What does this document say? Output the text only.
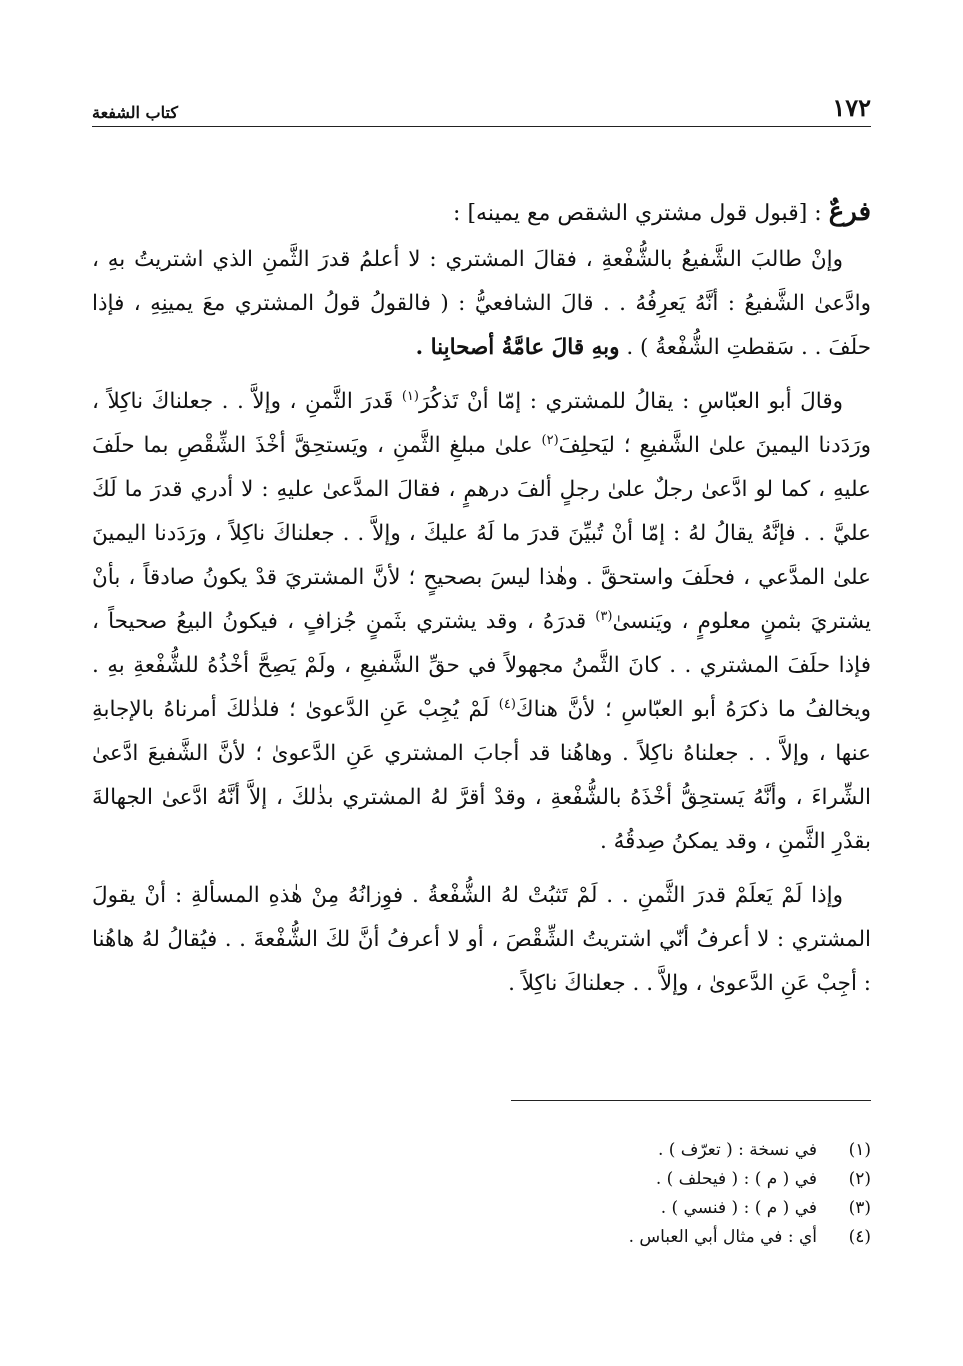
١٧٢
كتاب الشفعة

فرعٌ : [قبول قول مشتري الشقص مع يمينه] :

وإنْ طالبَ الشَّفيعُ بالشُّفْعةِ ، فقالَ المشتري : لا أعلمُ قدرَ الثَّمنِ الذي اشتريتُ بهِ ، وادَّعىٰ الشَّفيعُ : أنَّهُ يَعرِفُهُ . . قالَ الشافعيُّ : ( فالقولُ قولُ المشتري معَ يمينِهِ ، فإذا حلَفَ . . سَقطتِ الشُّفْعةُ ) . وبهِ قالَ عامَّةُ أصحابِنا .

وقالَ أبو العبّاسِ : يقالُ للمشتري : إمّا أنْ تَذكُرَ$^{(١)}$ قَدرَ الثَّمنِ ، وإلاَّ . . جعلناكَ ناكِلاً ، ورَدَدنا اليمينَ علىٰ الشَّفيعِ ؛ ليَحلِفَ$^{(٢)}$ علىٰ مبلغِ الثَّمنِ ، ويَستحِقَّ أخْذَ الشِّقْصِ بما حلَفَ عليهِ ، كما لو ادَّعىٰ رجلٌ علىٰ رجلٍ ألفَ درهمٍ ، فقالَ المدَّعىٰ عليهِ : لا أدري قدرَ ما لَكَ عليَّ . . فإنَّهُ يقالُ لهُ : إمّا أنْ تُبيِّنَ قدرَ ما لَهُ عليكَ ، وإلاَّ . . جعلناكَ ناكِلاً ، ورَدَدنا اليمينَ علىٰ المدَّعي ، فحلَفَ واستحقَّ . وهٰذا ليسَ بصحيحٍ ؛ لأنَّ المشتريَ قدْ يكونُ صادقاً ، بأنْ يشتريَ بثمنٍ معلومٍ ، ويَنسىٰ$^{(٣)}$ قدرَهُ ، وقد يشتري بثَمنٍ جُزافٍ ، فيكونُ البيعُ صحيحاً ، فإذا حلَفَ المشتري . . كانَ الثَّمنُ مجهولاً في حقِّ الشَّفيعِ ، ولَمْ يَصِحَّ أخْذُهُ للشُّفْعةِ بهِ . ويخالفُ ما ذكرَهُ أبو العبّاسِ ؛ لأنَّ هناكَ$^{(٤)}$ لَمْ يُجِبْ عَنِ الدَّعوىٰ ؛ فلذٰلكَ أمرناهُ بالإجابةِ عنها ، وإلاَّ . . جعلناهُ ناكِلاً . وهاهُنا قد أجابَ المشتري عَنِ الدَّعوىٰ ؛ لأنَّ الشَّفيعَ ادَّعىٰ الشِّراءَ ، وأنَّهُ يَستحِقُّ أخْذَهُ بالشُّفْعةِ ، وقدْ أقرَّ لهُ المشتري بذٰلكَ ، إلاَّ أنَّهُ ادَّعىٰ الجهالةَ بقدْرِ الثَّمنِ ، وقد يمكنُ صِدقُهُ .

وإذا لَمْ يَعلَمْ قدرَ الثَّمنِ . . لَمْ تَثبُتْ لهُ الشُّفْعةُ . فوِزانُهُ مِنْ هٰذهِ المسألةِ : أنْ يقولَ المشتري : لا أعرفُ أنّي اشتريتُ الشِّقْصَ ، أو لا أعرفُ أنَّ لكَ الشُّفْعةَ . . فيُقالُ لهُ هاهُنا : أجِبْ عَنِ الدَّعوىٰ ، وإلاَّ . . جعلناكَ ناكِلاً .

(١)
في نسخة : ( تعرّف ) .
(٢)
في ( م ) : ( فيحلف ) .
(٣)
في ( م ) : ( فنسي ) .
(٤)
أي : في مثال أبي العباس .
